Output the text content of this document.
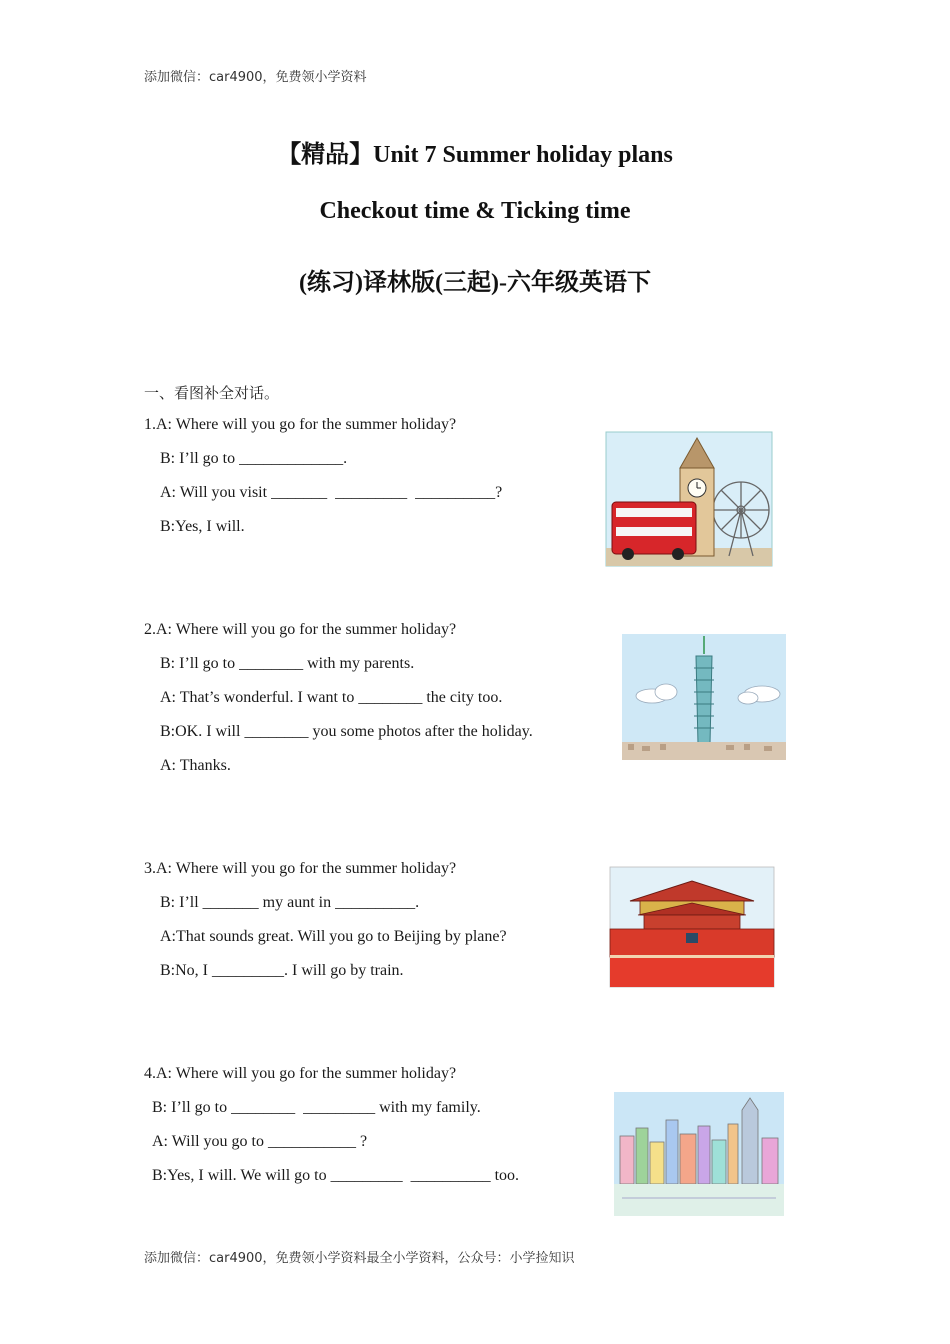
添加微信：car4900，免费领小学资料
【精品】Unit 7 Summer holiday plans
Checkout time & Ticking time
(练习)译林版(三起)-六年级英语下
一、看图补全对话。
1.A: Where will you go for the summer holiday?
B: I’ll go to _____________.
A: Will you visit _______  _________  __________?
B:Yes, I will.
2.A: Where will you go for the summer holiday?
B: I’ll go to ________ with my parents.
A: That’s wonderful. I want to ________ the city too.
B:OK. I will ________ you some photos after the holiday.
A: Thanks.
3.A: Where will you go for the summer holiday?
B: I’ll _______ my aunt in __________.
A:That sounds great. Will you go to Beijing by plane?
B:No, I _________. I will go by train.
4.A: Where will you go for the summer holiday?
B: I’ll go to ________  _________ with my family.
A: Will you go to ___________ ?
B:Yes, I will. We will go to _________  __________ too.
添加微信：car4900，免费领小学资料最全小学资料，公众号：小学捡知识
